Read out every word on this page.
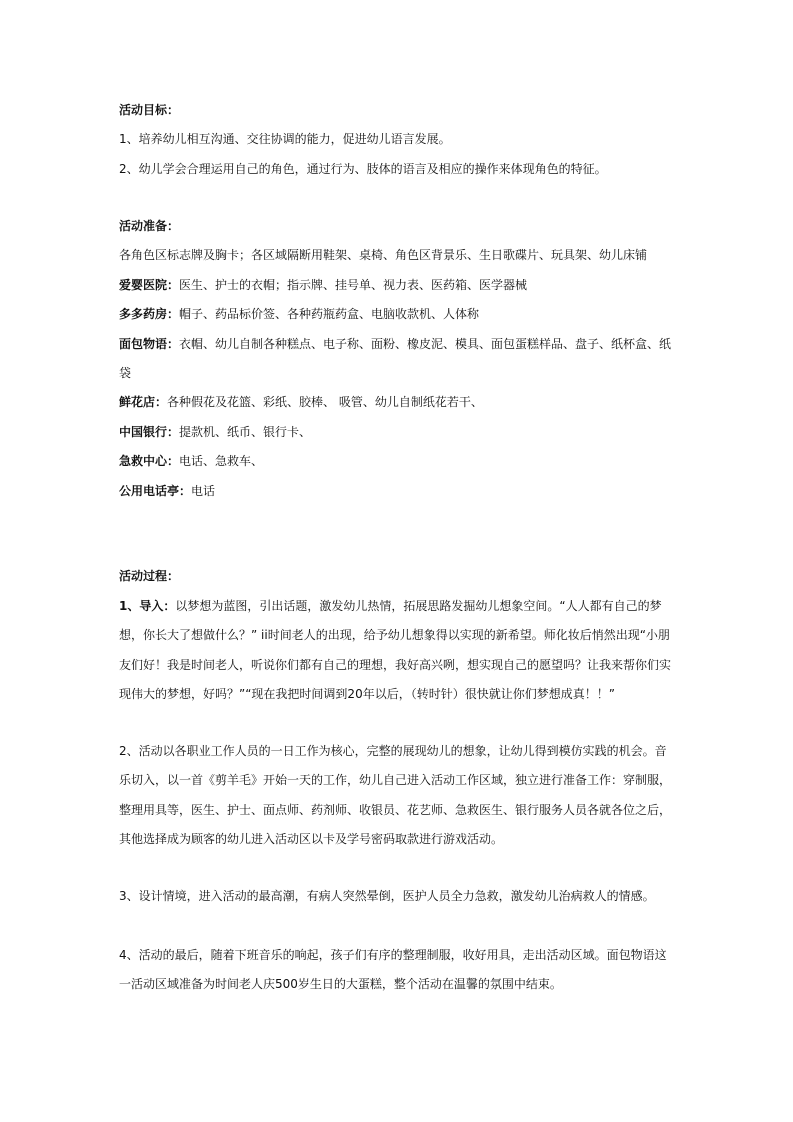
活动目标：

1、培养幼儿相互沟通、交往协调的能力，促进幼儿语言发展。

2、幼儿学会合理运用自己的角色，通过行为、肢体的语言及相应的操作来体现角色的特征。

活动准备：

各角色区标志牌及胸卡；各区域隔断用鞋架、桌椅、角色区背景乐、生日歌碟片、玩具架、幼儿床铺

爱婴医院：医生、护士的衣帽；指示牌、挂号单、视力表、医药箱、医学器械

多多药房：帽子、药品标价签、各种药瓶药盒、电脑收款机、人体称

面包物语：衣帽、幼儿自制各种糕点、电子称、面粉、橡皮泥、模具、面包蛋糕样品、盘子、纸杯盒、纸袋

鲜花店：各种假花及花篮、彩纸、胶棒、 吸管、幼儿自制纸花若干、

中国银行：提款机、纸币、银行卡、

急救中心：电话、急救车、

公用电话亭：电话

活动过程：

1、导入：以梦想为蓝图，引出话题，激发幼儿热情，拓展思路发掘幼儿想象空间。“人人都有自己的梦想，你长大了想做什么？” ii时间老人的出现，给予幼儿想象得以实现的新希望。师化妆后悄然出现“小朋友们好！我是时间老人，听说你们都有自己的理想，我好高兴咧，想实现自己的愿望吗？让我来帮你们实现伟大的梦想，好吗？”“现在我把时间调到20年以后，（转时针）很快就让你们梦想成真！！”

2、活动以各职业工作人员的一日工作为核心，完整的展现幼儿的想象，让幼儿得到模仿实践的机会。音乐切入，以一首《剪羊毛》开始一天的工作，幼儿自己进入活动工作区域，独立进行准备工作：穿制服，整理用具等，医生、护士、面点师、药剂师、收银员、花艺师、急救医生、银行服务人员各就各位之后，其他选择成为顾客的幼儿进入活动区以卡及学号密码取款进行游戏活动。

3、设计情境，进入活动的最高潮，有病人突然晕倒，医护人员全力急救，激发幼儿治病救人的情感。

4、活动的最后，随着下班音乐的响起，孩子们有序的整理制服，收好用具，走出活动区域。面包物语这一活动区域准备为时间老人庆500岁生日的大蛋糕，整个活动在温馨的氛围中结束。
